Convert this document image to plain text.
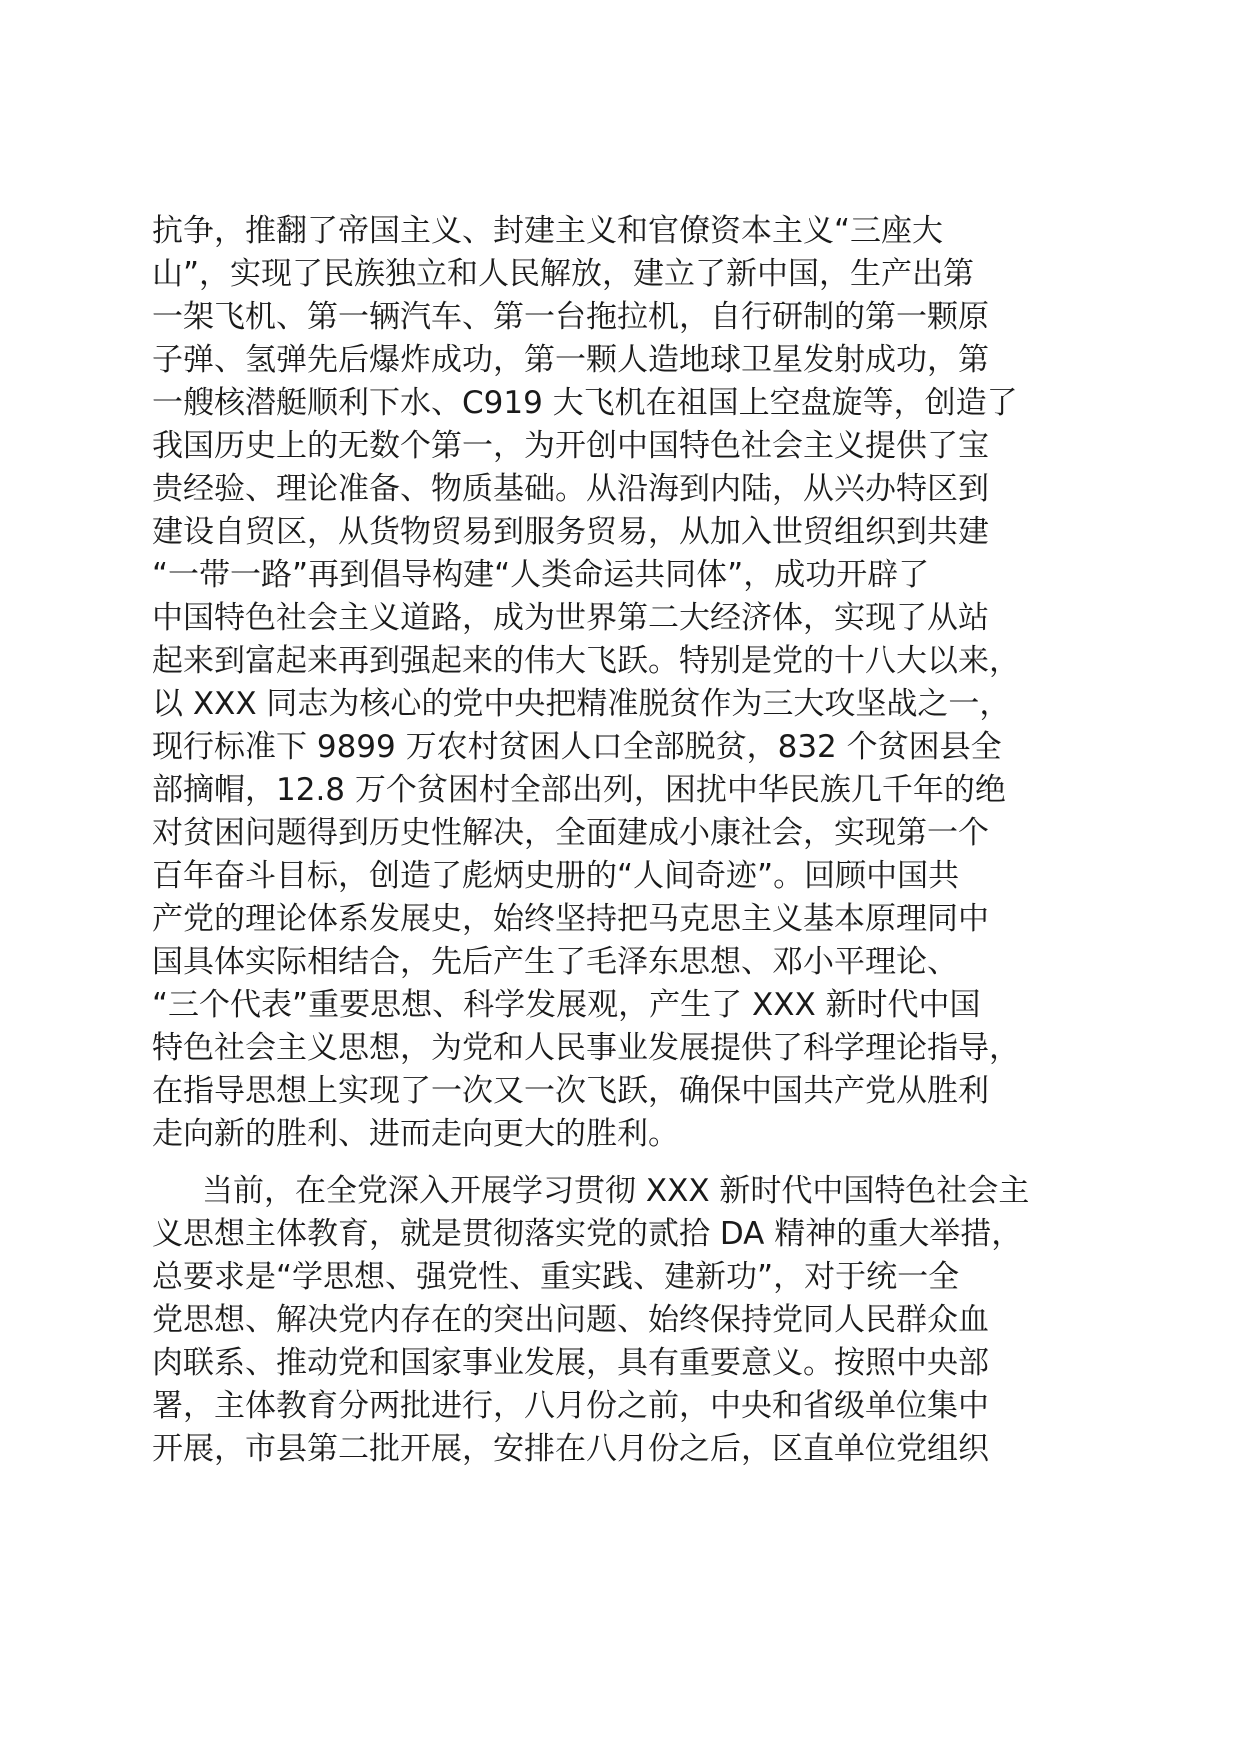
抗争，推翻了帝国主义、封建主义和官僚资本主义“三座大
山”，实现了民族独立和人民解放，建立了新中国，生产出第
一架飞机、第一辆汽车、第一台拖拉机，自行研制的第一颗原
子弹、氢弹先后爆炸成功，第一颗人造地球卫星发射成功，第
一艘核潜艇顺利下水、C919 大飞机在祖国上空盘旋等，创造了
我国历史上的无数个第一，为开创中国特色社会主义提供了宝
贵经验、理论准备、物质基础。从沿海到内陆，从兴办特区到
建设自贸区，从货物贸易到服务贸易，从加入世贸组织到共建
“一带一路”再到倡导构建“人类命运共同体”，成功开辟了
中国特色社会主义道路，成为世界第二大经济体，实现了从站
起来到富起来再到强起来的伟大飞跃。特别是党的十八大以来，
以 XXX 同志为核心的党中央把精准脱贫作为三大攻坚战之一，
现行标准下 9899 万农村贫困人口全部脱贫，832 个贫困县全
部摘帽，12.8 万个贫困村全部出列，困扰中华民族几千年的绝
对贫困问题得到历史性解决，全面建成小康社会，实现第一个
百年奋斗目标，创造了彪炳史册的“人间奇迹”。回顾中国共
产党的理论体系发展史，始终坚持把马克思主义基本原理同中
国具体实际相结合，先后产生了毛泽东思想、邓小平理论、
“三个代表”重要思想、科学发展观，产生了 XXX 新时代中国
特色社会主义思想，为党和人民事业发展提供了科学理论指导，
在指导思想上实现了一次又一次飞跃，确保中国共产党从胜利
走向新的胜利、进而走向更大的胜利。
当前，在全党深入开展学习贯彻 XXX 新时代中国特色社会主
义思想主体教育，就是贯彻落实党的贰拾 DA 精神的重大举措，
总要求是“学思想、强党性、重实践、建新功”，对于统一全
党思想、解决党内存在的突出问题、始终保持党同人民群众血
肉联系、推动党和国家事业发展，具有重要意义。按照中央部
署，主体教育分两批进行，八月份之前，中央和省级单位集中
开展，市县第二批开展，安排在八月份之后，区直单位党组织
